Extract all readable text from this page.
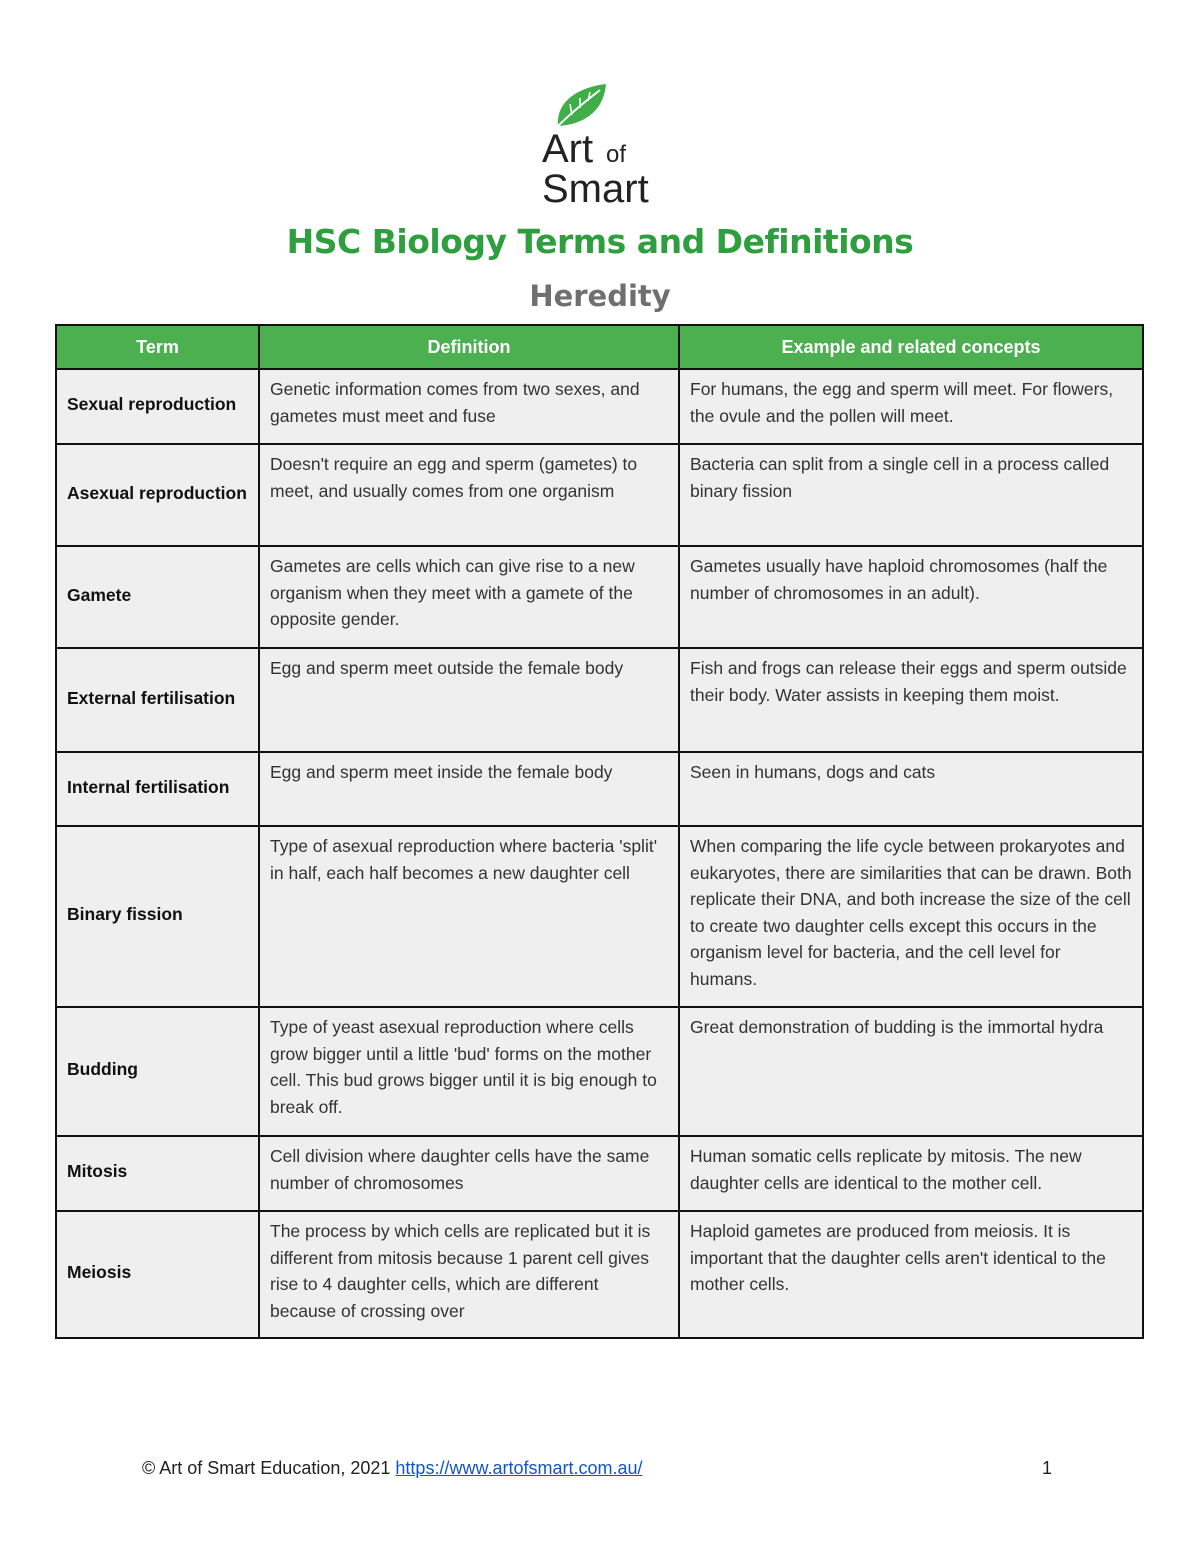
Art of
Smart
HSC Biology Terms and Definitions
Heredity
Term	Definition	Example and related concepts
Sexual reproduction	Genetic information comes from two sexes, and gametes must meet and fuse	For humans, the egg and sperm will meet. For flowers, the ovule and the pollen will meet.
Asexual reproduction	Doesn't require an egg and sperm (gametes) to meet, and usually comes from one organism	Bacteria can split from a single cell in a process called binary fission
Gamete	Gametes are cells which can give rise to a new organism when they meet with a gamete of the opposite gender.	Gametes usually have haploid chromosomes (half the number of chromosomes in an adult).
External fertilisation	Egg and sperm meet outside the female body	Fish and frogs can release their eggs and sperm outside their body. Water assists in keeping them moist.
Internal fertilisation	Egg and sperm meet inside the female body	Seen in humans, dogs and cats
Binary fission	Type of asexual reproduction where bacteria 'split' in half, each half becomes a new daughter cell	When comparing the life cycle between prokaryotes and eukaryotes, there are similarities that can be drawn. Both replicate their DNA, and both increase the size of the cell to create two daughter cells except this occurs in the organism level for bacteria, and the cell level for humans.
Budding	Type of yeast asexual reproduction where cells grow bigger until a little 'bud' forms on the mother cell. This bud grows bigger until it is big enough to break off.	Great demonstration of budding is the immortal hydra
Mitosis	Cell division where daughter cells have the same number of chromosomes	Human somatic cells replicate by mitosis. The new daughter cells are identical to the mother cell.
Meiosis	The process by which cells are replicated but it is different from mitosis because 1 parent cell gives rise to 4 daughter cells, which are different because of crossing over	Haploid gametes are produced from meiosis. It is important that the daughter cells aren't identical to the mother cells.
© Art of Smart Education, 2021 https://www.artofsmart.com.au/	1
